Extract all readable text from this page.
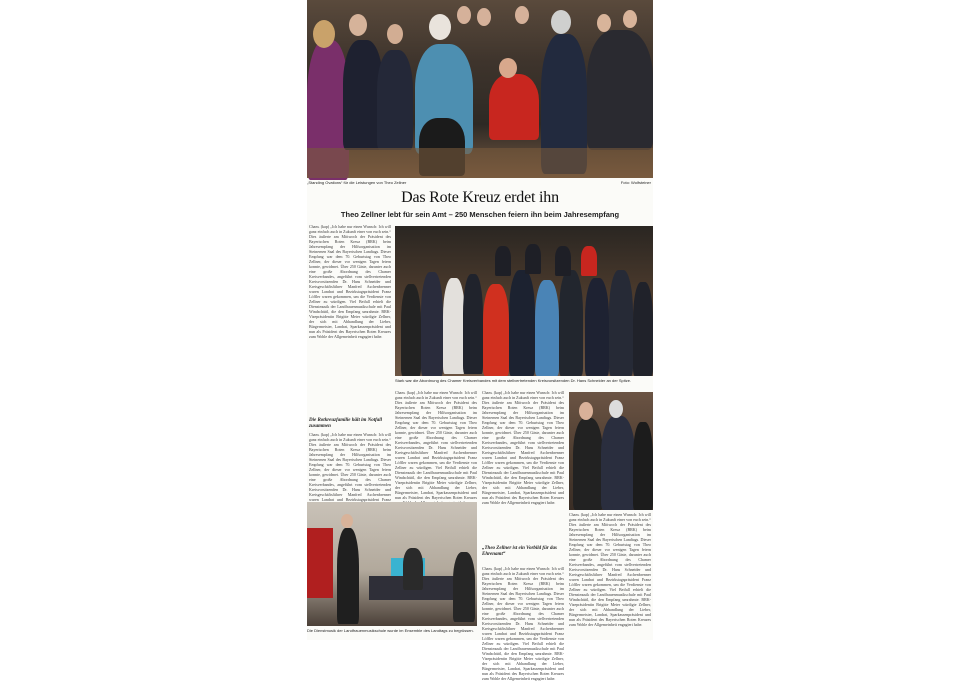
„Standing Ovations“ für die Leistungen von Theo Zellner	Foto: Wolfsteiner
Das Rote Kreuz erdet ihn
Theo Zellner lebt für sein Amt – 250 Menschen feiern ihn beim Jahresempfang
Cham. (kap) „Ich habe nur einen Wunsch: Ich will ganz einfach auch in Zukunft einer von euch sein.“ Dies äußerte am Mittwoch der Präsident des Bayerischen Roten Kreuz (BRK) beim Jahresempfang der Hilfsorganisation im Steinernen Saal des Bayerischen Landtags. Dieser Empfang war dem 70. Geburtstag von Theo Zellner, der dieser vor wenigen Tagen feiern konnte, gewidmet. Über 250 Gäste, darunter auch eine große Abordnung des Chamer Kreisverbandes, angeführt vom stellvertretenden Kreisvorsitzenden Dr. Hans Schneider und Kreisgeschäftsführer Manfred Aschenbrenner waren Landrat und Bezirkstagspräsident Franz Löffler waren gekommen, um die Verdienste von Zellner zu würdigen. Viel Beifall erhielt die Dienstmusik der Landfrauenmusikschule mit Paul Windschüttl, die den Empfang umrahmte. BRK-Vizepräsidentin Brigitte Meier würdigte Zellner, der sich mit Abhandlung der Lieber, Bürgermeister, Landrat, Sparkassenpräsident und nun als Präsident des Bayerischen Roten Kreuzes zum Wohle der Allgemeinheit engagiert habe.
Die Rotkreuzfamilie hält im Notfall zusammen
Cham. (kap) „Ich habe nur einen Wunsch: Ich will ganz einfach auch in Zukunft einer von euch sein.“ Dies äußerte am Mittwoch der Präsident des Bayerischen Roten Kreuz (BRK) beim Jahresempfang der Hilfsorganisation im Steinernen Saal des Bayerischen Landtags. Dieser Empfang war dem 70. Geburtstag von Theo Zellner, der dieser vor wenigen Tagen feiern konnte, gewidmet. Über 250 Gäste, darunter auch eine große Abordnung des Chamer Kreisverbandes, angeführt vom stellvertretenden Kreisvorsitzenden Dr. Hans Schneider und Kreisgeschäftsführer Manfred Aschenbrenner waren Landrat und Bezirkstagspräsident Franz
Stark war die Abordnung des Chamer Kreisverbandes mit dem stellvertretenden Kreisvorsitzenden Dr. Hans Schneider an der Spitze.
Cham. (kap) „Ich habe nur einen Wunsch: Ich will ganz einfach auch in Zukunft einer von euch sein.“ Dies äußerte am Mittwoch der Präsident des Bayerischen Roten Kreuz (BRK) beim Jahresempfang der Hilfsorganisation im Steinernen Saal des Bayerischen Landtags. Dieser Empfang war dem 70. Geburtstag von Theo Zellner, der dieser vor wenigen Tagen feiern konnte, gewidmet. Über 250 Gäste, darunter auch eine große Abordnung des Chamer Kreisverbandes, angeführt vom stellvertretenden Kreisvorsitzenden Dr. Hans Schneider und Kreisgeschäftsführer Manfred Aschenbrenner waren Landrat und Bezirkstagspräsident Franz Löffler waren gekommen, um die Verdienste von Zellner zu würdigen. Viel Beifall erhielt die Dienstmusik der Landfrauenmusikschule mit Paul Windschüttl, die den Empfang umrahmte. BRK-Vizepräsidentin Brigitte Meier würdigte Zellner, der sich mit Abhandlung der Lieber, Bürgermeister, Landrat, Sparkassenpräsident und nun als Präsident des Bayerischen Roten Kreuzes
Cham. (kap) „Ich habe nur einen Wunsch: Ich will ganz einfach auch in Zukunft einer von euch sein.“ Dies äußerte am Mittwoch der Präsident des Bayerischen Roten Kreuz (BRK) beim Jahresempfang der Hilfsorganisation im Steinernen Saal des Bayerischen Landtags. Dieser Empfang war dem 70. Geburtstag von Theo Zellner, der dieser vor wenigen Tagen feiern konnte, gewidmet. Über 250 Gäste, darunter auch eine große Abordnung des Chamer Kreisverbandes, angeführt vom stellvertretenden Kreisvorsitzenden Dr. Hans Schneider und Kreisgeschäftsführer Manfred Aschenbrenner waren Landrat und Bezirkstagspräsident Franz Löffler waren gekommen, um die Verdienste von Zellner zu würdigen. Viel Beifall erhielt die Dienstmusik der Landfrauenmusikschule mit Paul Windschüttl, die den Empfang umrahmte. BRK-Vizepräsidentin Brigitte Meier würdigte Zellner, der sich mit Abhandlung der Lieber, Bürgermeister, Landrat, Sparkassenpräsident und nun als Präsident des Bayerischen Roten Kreuzes zum Wohle der Allgemeinheit engagiert habe.
Cham. (kap) „Ich habe nur einen Wunsch: Ich will ganz einfach auch in Zukunft einer von euch sein.“ Dies äußerte am Mittwoch der Präsident des Bayerischen Roten Kreuz (BRK) beim Jahresempfang der Hilfsorganisation im Steinernen Saal des Bayerischen Landtags. Dieser Empfang war dem 70. Geburtstag von Theo Zellner, der dieser vor wenigen Tagen feiern konnte, gewidmet. Über 250 Gäste, darunter auch eine große Abordnung des Chamer Kreisverbandes, angeführt vom stellvertretenden Kreisvorsitzenden Dr. Hans Schneider und Kreisgeschäftsführer Manfred Aschenbrenner waren Landrat und Bezirkstagspräsident Franz Löffler waren gekommen, um die Verdienste von Zellner zu würdigen. Viel Beifall erhielt die Dienstmusik der Landfrauenmusikschule mit Paul Windschüttl, die den Empfang umrahmte. BRK-Vizepräsidentin Brigitte Meier würdigte Zellner, der sich mit Abhandlung der Lieber, Bürgermeister, Landrat, Sparkassenpräsident und nun als Präsident des Bayerischen Roten Kreuzes zum Wohle der Allgemeinheit engagiert habe.
Die Dienstmusik der Landfrauenmusikschule wurde im Ensemble des Landtags zu begrüssen.
„Theo Zellner ist ein Vorbild für das Ehrenamt“
Cham. (kap) „Ich habe nur einen Wunsch: Ich will ganz einfach auch in Zukunft einer von euch sein.“ Dies äußerte am Mittwoch der Präsident des Bayerischen Roten Kreuz (BRK) beim Jahresempfang der Hilfsorganisation im Steinernen Saal des Bayerischen Landtags. Dieser Empfang war dem 70. Geburtstag von Theo Zellner, der dieser vor wenigen Tagen feiern konnte, gewidmet. Über 250 Gäste, darunter auch eine große Abordnung des Chamer Kreisverbandes, angeführt vom stellvertretenden Kreisvorsitzenden Dr. Hans Schneider und Kreisgeschäftsführer Manfred Aschenbrenner waren Landrat und Bezirkstagspräsident Franz Löffler waren gekommen, um die Verdienste von Zellner zu würdigen. Viel Beifall erhielt die Dienstmusik der Landfrauenmusikschule mit Paul Windschüttl, die den Empfang umrahmte. BRK-Vizepräsidentin Brigitte Meier würdigte Zellner, der sich mit Abhandlung der Lieber, Bürgermeister, Landrat, Sparkassenpräsident und nun als Präsident des Bayerischen Roten Kreuzes zum Wohle der Allgemeinheit engagiert habe.
